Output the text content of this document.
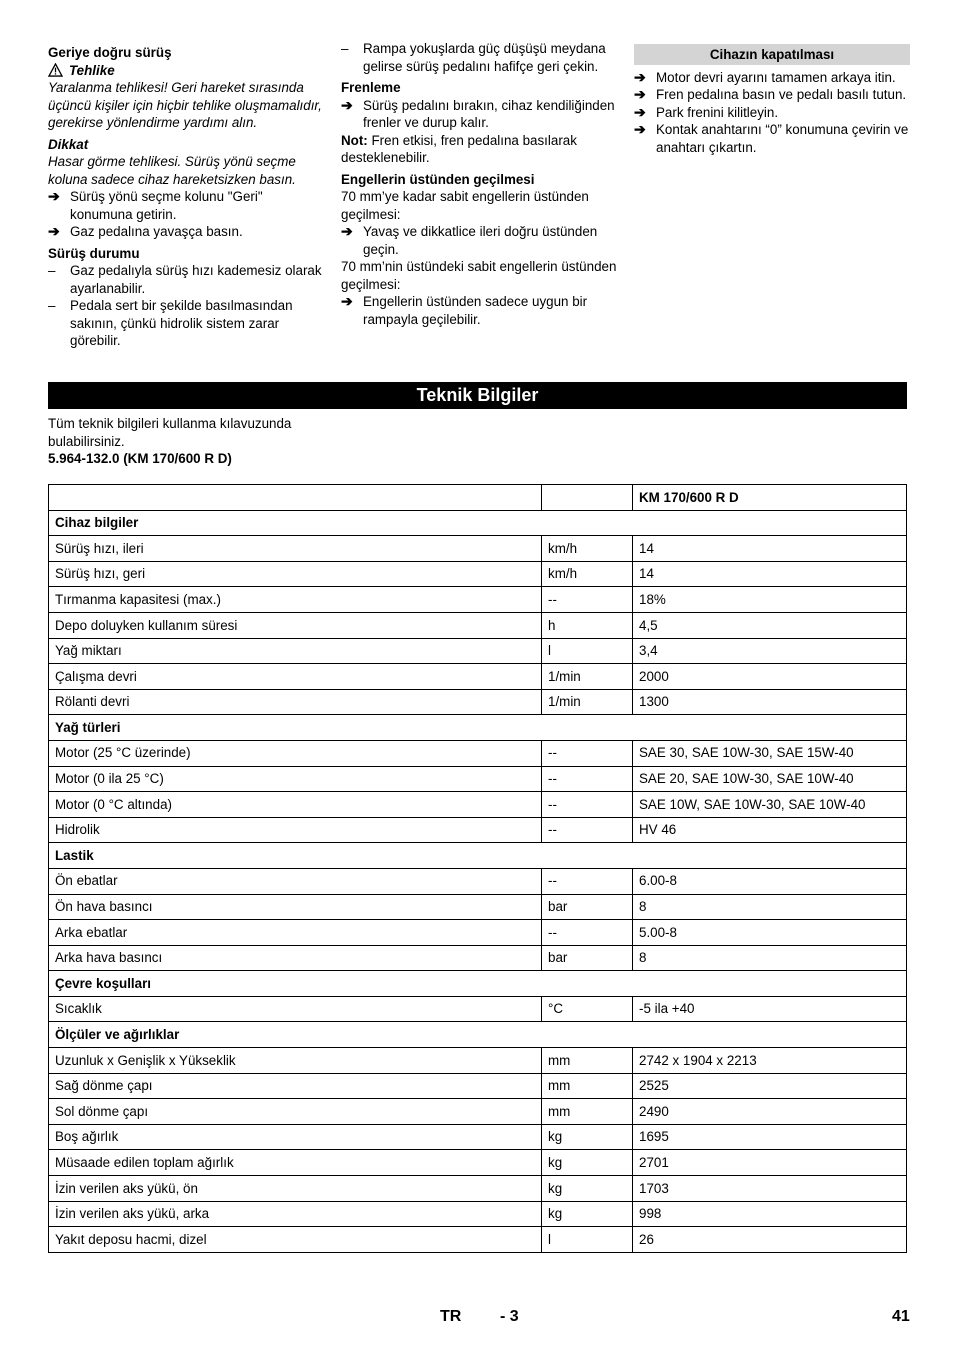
Geriye doğru sürüş

Tehlike

Yaralanma tehlikesi! Geri hareket sırasında üçüncü kişiler için hiçbir tehlike oluşmamalıdır, gerekirse yönlendirme yardımı alın.

Dikkat

Hasar görme tehlikesi. Sürüş yönü seçme koluna sadece cihaz hareketsizken basın.

➔ Sürüş yönü seçme kolunu "Geri" konumuna getirin.
➔ Gaz pedalına yavaşça basın.

Sürüş durumu

–	Gaz pedalıyla sürüş hızı kademesiz olarak ayarlanabilir.
–	Pedala sert bir şekilde basılmasından sakının, çünkü hidrolik sistem zarar görebilir.
–	Rampa yokuşlarda güç düşüşü meydana gelirse sürüş pedalını hafifçe geri çekin.

Frenleme

➔ Sürüş pedalını bırakın, cihaz kendiliğinden frenler ve durup kalır.

Not: Fren etkisi, fren pedalına basılarak desteklenebilir.

Engellerin üstünden geçilmesi

70 mm’ye kadar sabit engellerin üstünden geçilmesi:

➔ Yavaş ve dikkatlice ileri doğru üstünden geçin.

70 mm’nin üstündeki sabit engellerin üstünden geçilmesi:

➔ Engellerin üstünden sadece uygun bir rampayla geçilebilir.
Cihazın kapatılması
➔ Motor devri ayarını tamamen arkaya itin.
➔ Fren pedalına basın ve pedalı basılı tutun.
➔ Park frenini kilitleyin.
➔ Kontak anahtarını “0” konumuna çevirin ve anahtarı çıkartın.
Teknik Bilgiler

Tüm teknik bilgileri kullanma kılavuzunda bulabilirsiniz.

5.964-132.0 (KM 170/600 R D)

		KM 170/600 R D
Cihaz bilgiler		
Sürüş hızı, ileri	km/h	14
Sürüş hızı, geri	km/h	14
Tırmanma kapasitesi (max.)	--	18%
Depo doluyken kullanım süresi	h	4,5
Yağ miktarı	l	3,4
Çalışma devri	1/min	2000
Rölanti devri	1/min	1300
Yağ türleri		
Motor (25 °C üzerinde)	--	SAE 30, SAE 10W-30, SAE 15W-40
Motor (0 ila 25 °C)	--	SAE 20, SAE 10W-30, SAE 10W-40
Motor (0 °C altında)	--	SAE 10W, SAE 10W-30, SAE 10W-40
Hidrolik	--	HV 46
Lastik		
Ön ebatlar	--	6.00-8
Ön hava basıncı	bar	8
Arka ebatlar	--	5.00-8
Arka hava basıncı	bar	8
Çevre koşulları		
Sıcaklık	°C	-5 ila +40
Ölçüler ve ağırlıklar		
Uzunluk x Genişlik x Yükseklik	mm	2742 x 1904 x 2213
Sağ dönme çapı	mm	2525
Sol dönme çapı	mm	2490
Boş ağırlık	kg	1695
Müsaade edilen toplam ağırlık	kg	2701
İzin verilen aks yükü, ön	kg	1703
İzin verilen aks yükü, arka	kg	998
Yakıt deposu hacmi, dizel	l	26
TR - 3	41
